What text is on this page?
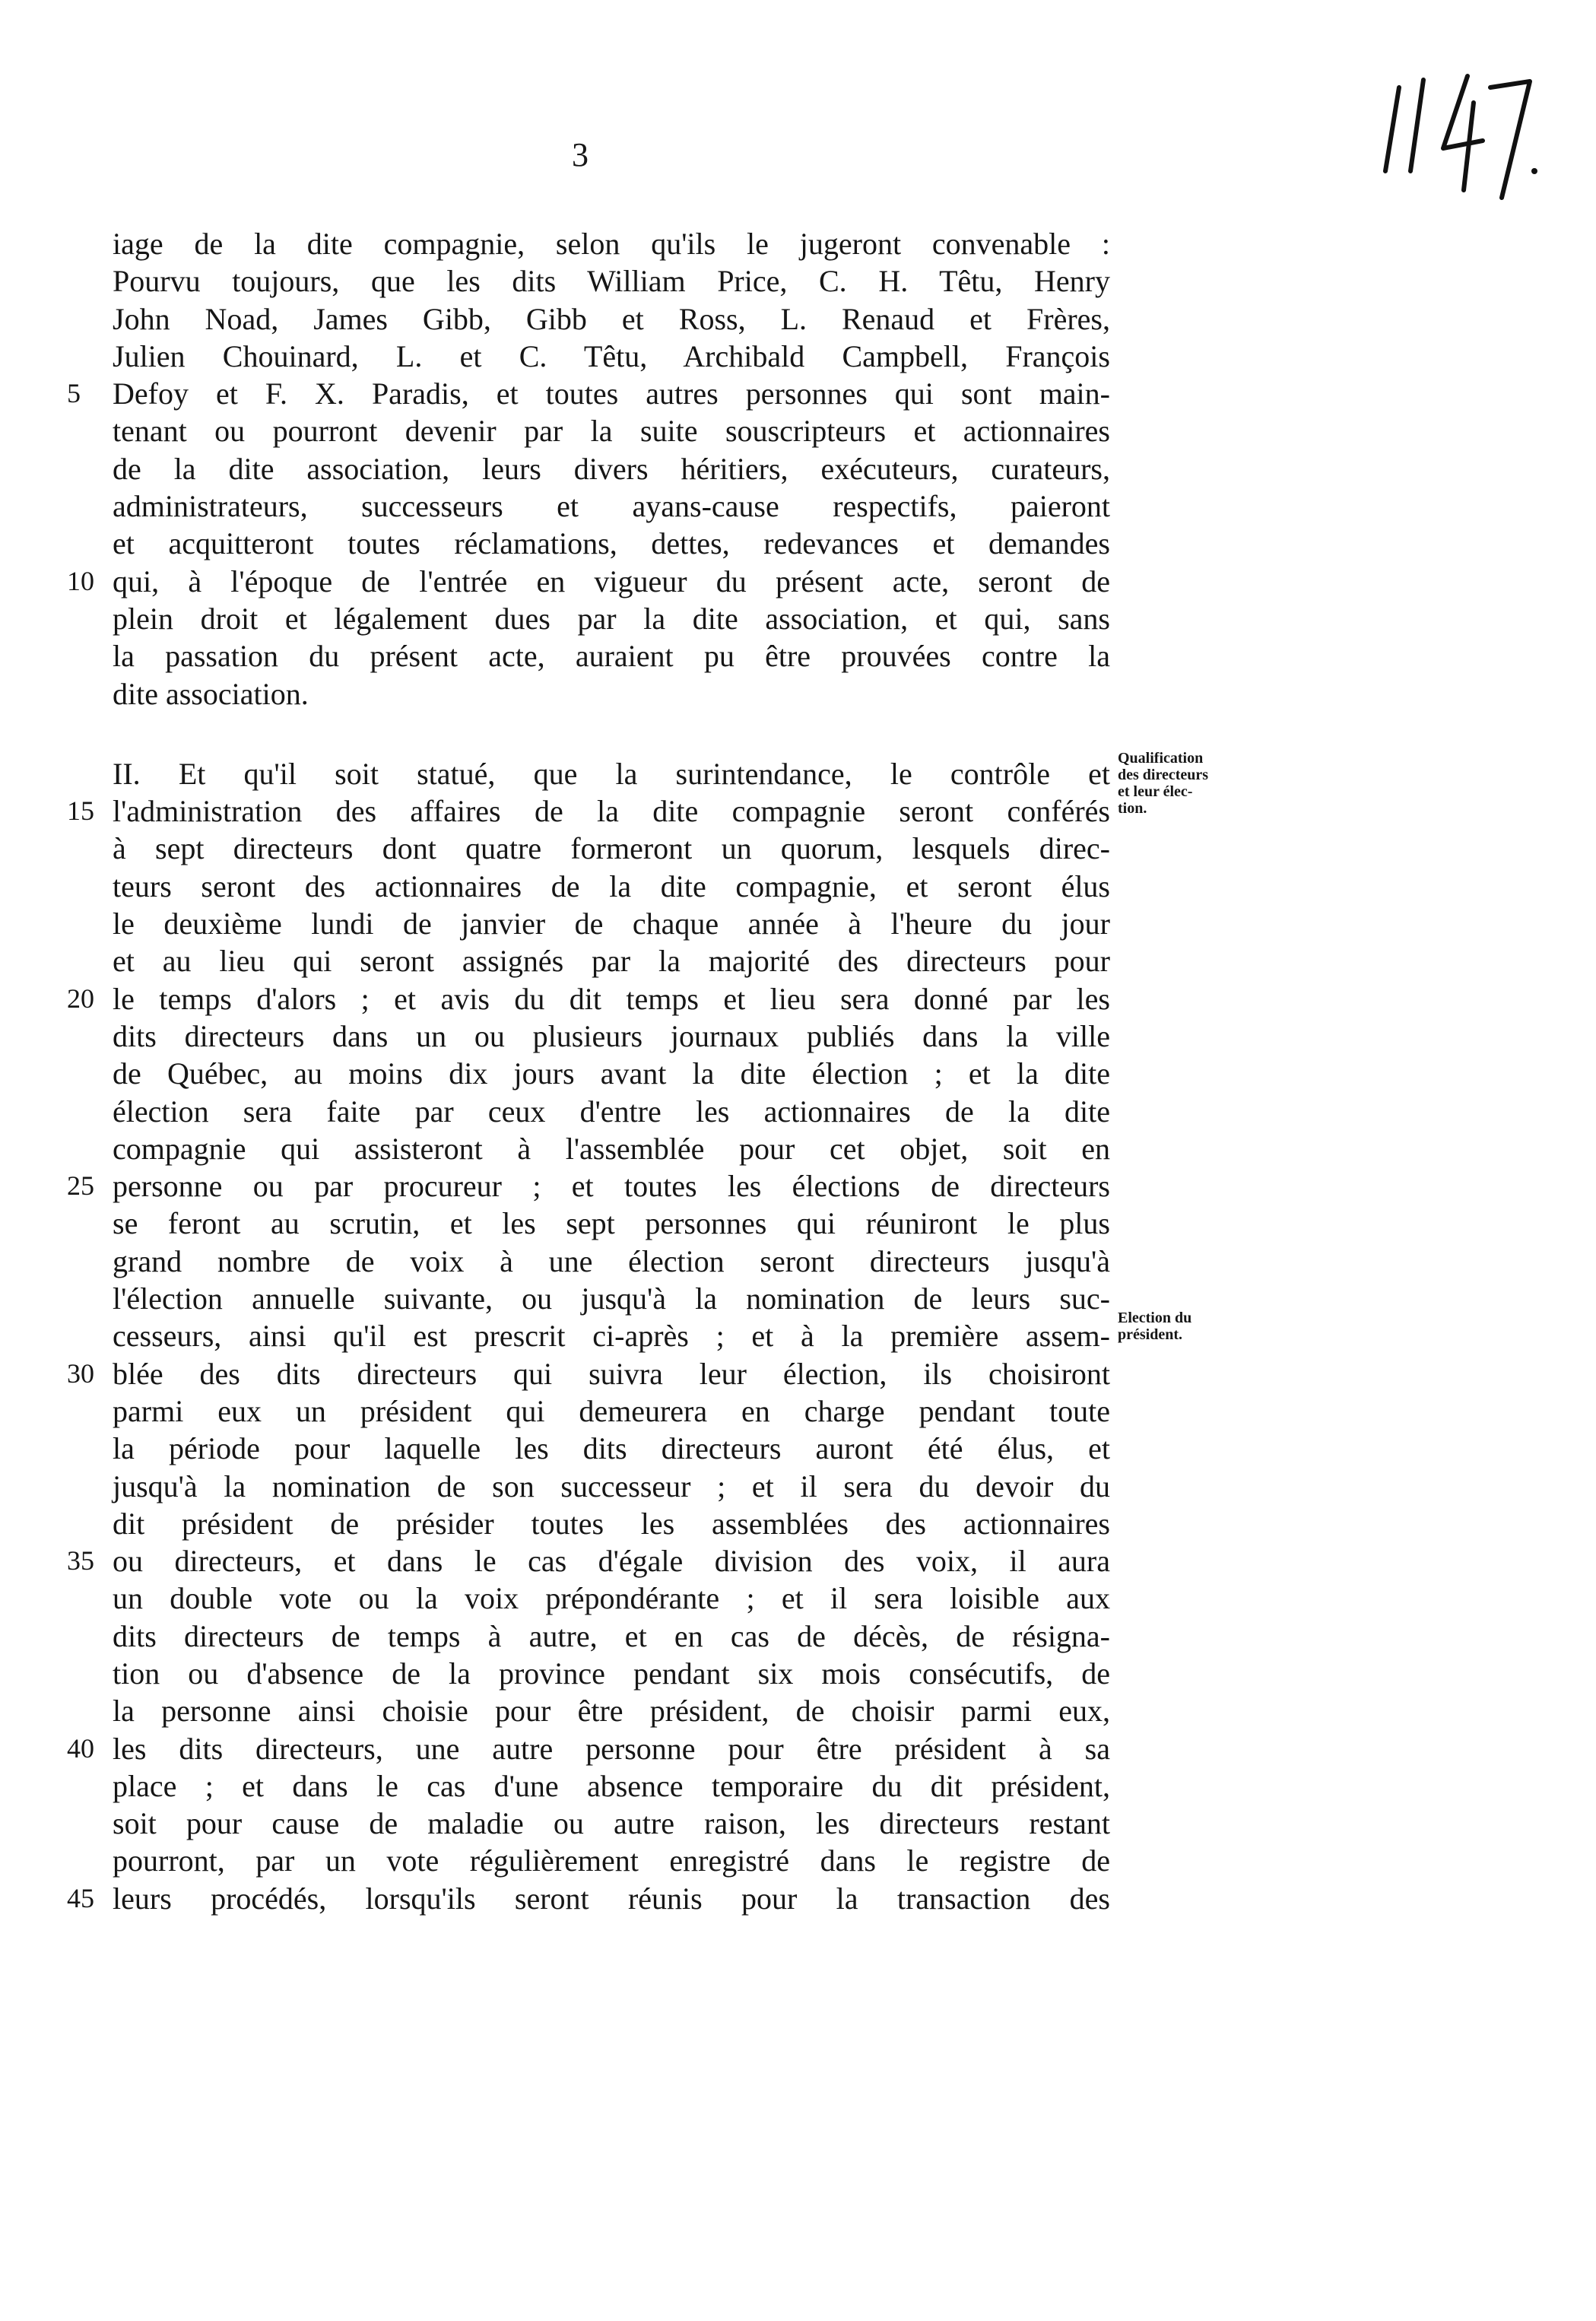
3
iage de la dite compagnie, selon qu'ils le jugeront convenable :
Pourvu toujours, que les dits William Price, C. H. Têtu, Henry
John Noad, James Gibb, Gibb et Ross, L. Renaud et Frères,
Julien Chouinard, L. et C. Têtu, Archibald Campbell, François
5	Defoy et F. X. Paradis, et toutes autres personnes qui sont main-
tenant ou pourront devenir par la suite souscripteurs et actionnaires
de la dite association, leurs divers héritiers, exécuteurs, curateurs,
administrateurs, successeurs et ayans-cause respectifs, paieront
et acquitteront toutes réclamations, dettes, redevances et demandes
10 qui, à l'époque de l'entrée en vigueur du présent acte, seront de
plein droit et légalement dues par la dite association, et qui, sans
la passation du présent acte, auraient pu être prouvées contre la
dite association.
II. Et qu'il soit statué, que la surintendance, le contrôle et
15 l'administration des affaires de la dite compagnie seront conférés
à sept directeurs dont quatre formeront un quorum, lesquels direc-
teurs seront des actionnaires de la dite compagnie, et seront élus
le deuxième lundi de janvier de chaque année à l'heure du jour
et au lieu qui seront assignés par la majorité des directeurs pour
20 le temps d'alors ; et avis du dit temps et lieu sera donné par les
dits directeurs dans un ou plusieurs journaux publiés dans la ville
de Québec, au moins dix jours avant la dite élection ; et la dite
élection sera faite par ceux d'entre les actionnaires de la dite
compagnie qui assisteront à l'assemblée pour cet objet, soit en
25 personne ou par procureur ; et toutes les élections de directeurs
se feront au scrutin, et les sept personnes qui réuniront le plus
grand nombre de voix à une élection seront directeurs jusqu'à
l'élection annuelle suivante, ou jusqu'à la nomination de leurs suc-
cesseurs, ainsi qu'il est prescrit ci-après ; et à la première assem-
30 blée des dits directeurs qui suivra leur élection, ils choisiront
parmi eux un président qui demeurera en charge pendant toute
la période pour laquelle les dits directeurs auront été élus, et
jusqu'à la nomination de son successeur ; et il sera du devoir du
dit président de présider toutes les assemblées des actionnaires
35 ou directeurs, et dans le cas d'égale division des voix, il aura
un double vote ou la voix prépondérante ; et il sera loisible aux
dits directeurs de temps à autre, et en cas de décès, de résigna-
tion ou d'absence de la province pendant six mois consécutifs, de
la personne ainsi choisie pour être président, de choisir parmi eux,
40 les dits directeurs, une autre personne pour être président à sa
place ; et dans le cas d'une absence temporaire du dit président,
soit pour cause de maladie ou autre raison, les directeurs restant
pourront, par un vote régulièrement enregistré dans le registre de
45 leurs procédés, lorsqu'ils seront réunis pour la transaction des
Qualification
des directeurs
et leur élec-
tion.
Election du
président.
